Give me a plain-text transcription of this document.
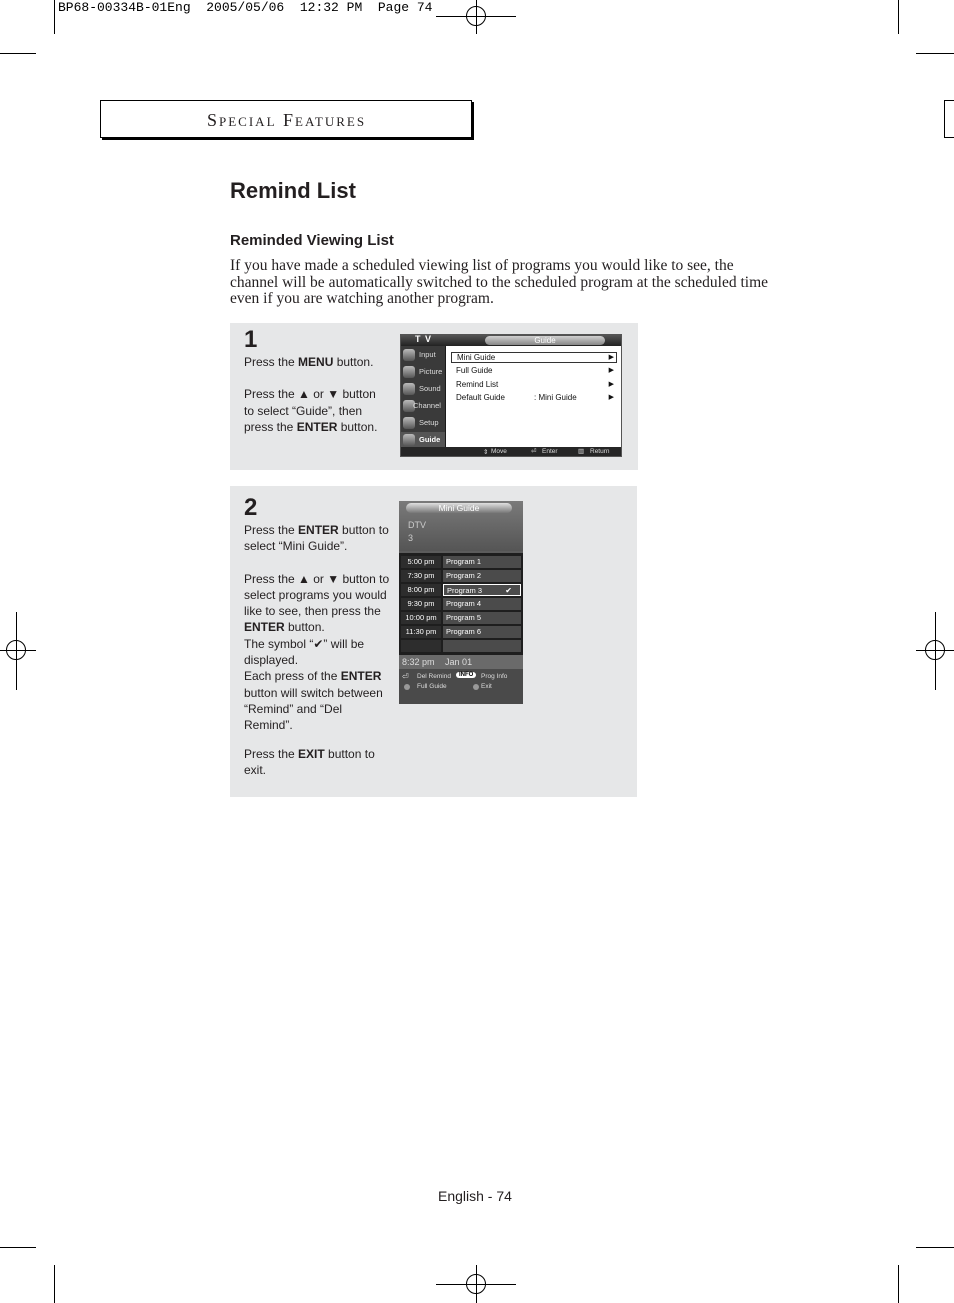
BP68-00334B-01Eng  2005/05/06  12:32 PM  Page 74
Special Features
Remind List
Reminded Viewing List
If you have made a scheduled viewing list of programs you would like to see, the channel will be automatically switched to the scheduled program at the scheduled time even if you are watching another program.
1

Press the MENU button.

Press the ▲ or ▼ button to select “Guide”, then press the ENTER button.

T V	Guide
Input
Picture
Sound
Channel
Setup
Guide
Mini Guide	▶
Full Guide	▶
Remind List	▶
Default Guide	: Mini Guide	▶
⇕ Move	⏎ Enter	▥ Return
2

Press the ENTER button to select “Mini Guide”.

Press the ▲ or ▼ button to select programs you would like to see, then press the ENTER button.

The symbol “✔” will be displayed.

Each press of the ENTER button will switch between “Remind” and “Del Remind”.

Press the EXIT button to exit.

Mini Guide
DTV
3
5:00 pm	Program 1
7:30 pm	Program 2
8:00 pm	Program 3	✔
9:30 pm	Program 4
10:00 pm	Program 5
11:30 pm	Program 6
8:32 pm Jan 01
⏎ Del Remind	INFO	Prog Info
Full Guide	Exit
English - 74
